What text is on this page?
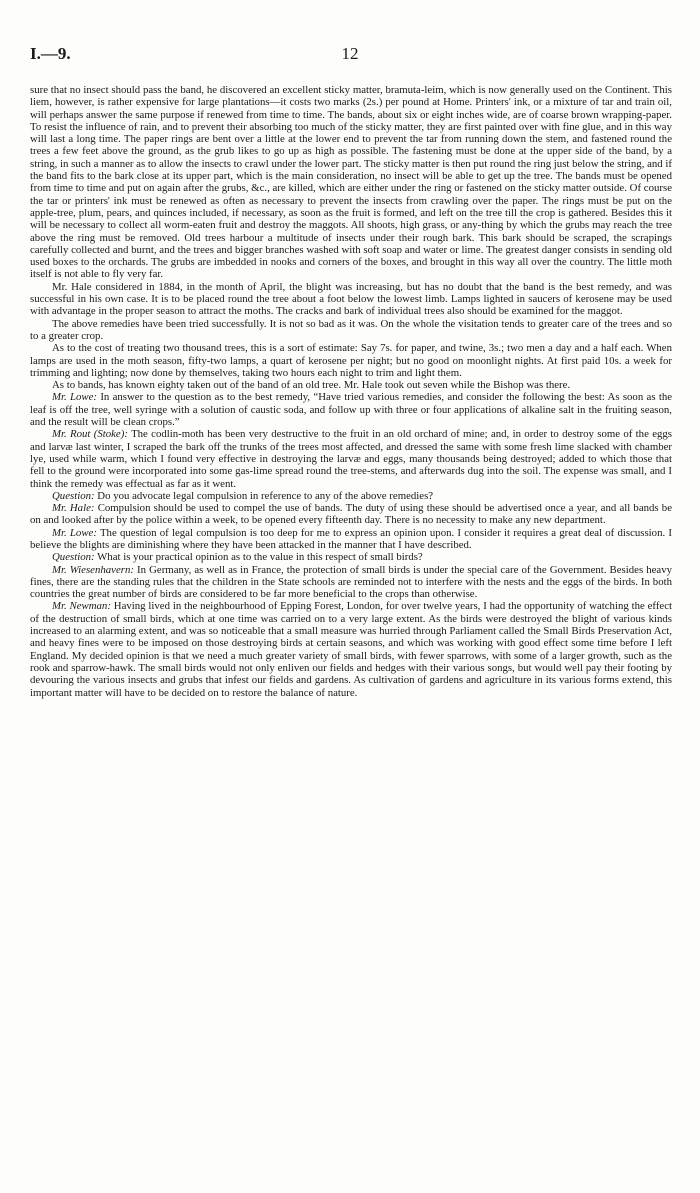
I.—9.	12

sure that no insect should pass the band, he discovered an excellent sticky matter, bramuta-leim, which is now generally used on the Continent. This liem, however, is rather expensive for large plantations—it costs two marks (2s.) per pound at Home. Printers' ink, or a mixture of tar and train oil, will perhaps answer the same purpose if renewed from time to time. The bands, about six or eight inches wide, are of coarse brown wrapping-paper. To resist the influence of rain, and to prevent their absorbing too much of the sticky matter, they are first painted over with fine glue, and in this way will last a long time. The paper rings are bent over a little at the lower end to prevent the tar from running down the stem, and fastened round the trees a few feet above the ground, as the grub likes to go up as high as possible. The fastening must be done at the upper side of the band, by a string, in such a manner as to allow the insects to crawl under the lower part. The sticky matter is then put round the ring just below the string, and if the band fits to the bark close at its upper part, which is the main consideration, no insect will be able to get up the tree. The bands must be opened from time to time and put on again after the grubs, &c., are killed, which are either under the ring or fastened on the sticky matter outside. Of course the tar or printers' ink must be renewed as often as necessary to prevent the insects from crawling over the paper. The rings must be put on the apple-tree, plum, pears, and quinces included, if necessary, as soon as the fruit is formed, and left on the tree till the crop is gathered. Besides this it will be necessary to collect all worm-eaten fruit and destroy the maggots. All shoots, high grass, or any-thing by which the grubs may reach the tree above the ring must be removed. Old trees harbour a multitude of insects under their rough bark. This bark should be scraped, the scrapings carefully collected and burnt, and the trees and bigger branches washed with soft soap and water or lime. The greatest danger consists in sending old used boxes to the orchards. The grubs are imbedded in nooks and corners of the boxes, and brought in this way all over the country. The little moth itself is not able to fly very far.

Mr. Hale considered in 1884, in the month of April, the blight was increasing, but has no doubt that the band is the best remedy, and was successful in his own case. It is to be placed round the tree about a foot below the lowest limb. Lamps lighted in saucers of kerosene may be used with advantage in the proper season to attract the moths. The cracks and bark of individual trees also should be examined for the maggot.

The above remedies have been tried successfully. It is not so bad as it was. On the whole the visitation tends to greater care of the trees and so to a greater crop.

As to the cost of treating two thousand trees, this is a sort of estimate: Say 7s. for paper, and twine, 3s.; two men a day and a half each. When lamps are used in the moth season, fifty-two lamps, a quart of kerosene per night; but no good on moonlight nights. At first paid 10s. a week for trimming and lighting; now done by themselves, taking two hours each night to trim and light them.

As to bands, has known eighty taken out of the band of an old tree. Mr. Hale took out seven while the Bishop was there.

Mr. Lowe: In answer to the question as to the best remedy, “Have tried various remedies, and consider the following the best: As soon as the leaf is off the tree, well syringe with a solution of caustic soda, and follow up with three or four applications of alkaline salt in the fruiting season, and the result will be clean crops.”

Mr. Rout (Stoke): The codlin-moth has been very destructive to the fruit in an old orchard of mine; and, in order to destroy some of the eggs and larvæ last winter, I scraped the bark off the trunks of the trees most affected, and dressed the same with some fresh lime slacked with chamber lye, used while warm, which I found very effective in destroying the larvæ and eggs, many thousands being destroyed; added to which those that fell to the ground were incorporated into some gas-lime spread round the tree-stems, and afterwards dug into the soil. The expense was small, and I think the remedy was effectual as far as it went.

Question: Do you advocate legal compulsion in reference to any of the above remedies?

Mr. Hale: Compulsion should be used to compel the use of bands. The duty of using these should be advertised once a year, and all bands be on and looked after by the police within a week, to be opened every fifteenth day. There is no necessity to make any new department.

Mr. Lowe: The question of legal compulsion is too deep for me to express an opinion upon. I consider it requires a great deal of discussion. I believe the blights are diminishing where they have been attacked in the manner that I have described.

Question: What is your practical opinion as to the value in this respect of small birds?

Mr. Wiesenhavern: In Germany, as well as in France, the protection of small birds is under the special care of the Government. Besides heavy fines, there are the standing rules that the children in the State schools are reminded not to interfere with the nests and the eggs of the birds. In both countries the great number of birds are considered to be far more beneficial to the crops than otherwise.

Mr. Newman: Having lived in the neighbourhood of Epping Forest, London, for over twelve years, I had the opportunity of watching the effect of the destruction of small birds, which at one time was carried on to a very large extent. As the birds were destroyed the blight of various kinds increased to an alarming extent, and was so noticeable that a small measure was hurried through Parliament called the Small Birds Preservation Act, and heavy fines were to be imposed on those destroying birds at certain seasons, and which was working with good effect some time before I left England. My decided opinion is that we need a much greater variety of small birds, with fewer sparrows, with some of a larger growth, such as the rook and sparrow-hawk. The small birds would not only enliven our fields and hedges with their various songs, but would well pay their footing by devouring the various insects and grubs that infest our fields and gardens. As cultivation of gardens and agriculture in its various forms extend, this important matter will have to be decided on to restore the balance of nature.
